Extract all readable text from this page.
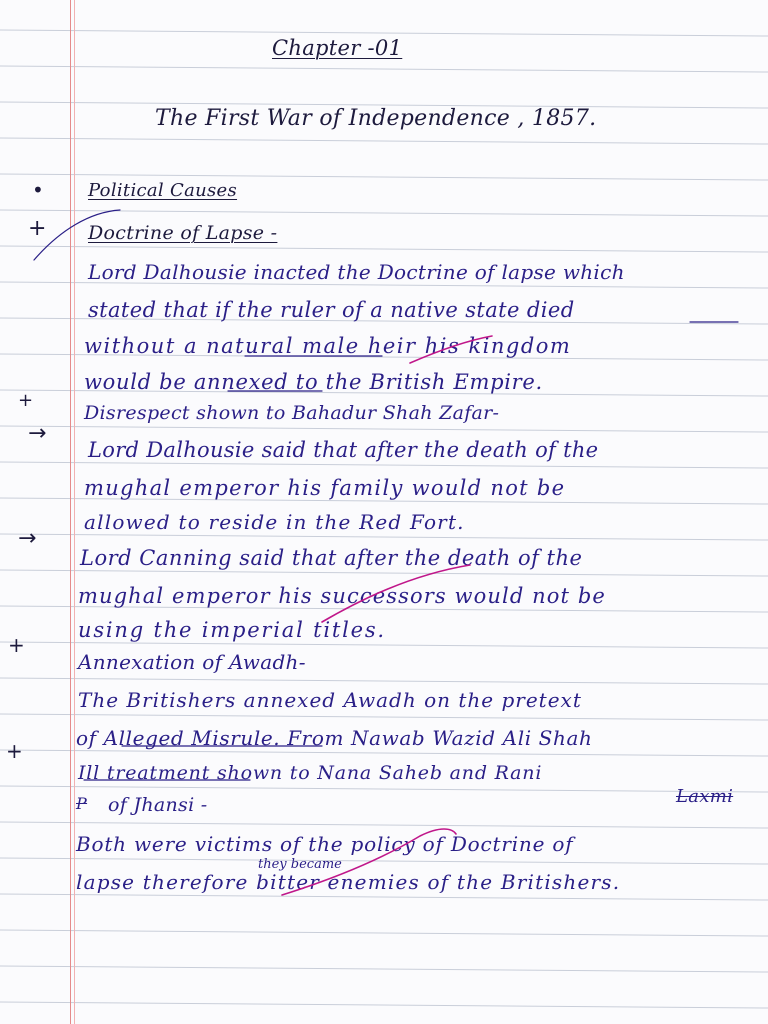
Chapter -01
The First War of Independence , 1857.
•
+
+
→
→
+
+
Political Causes
Doctrine of Lapse -
Lord Dalhousie inacted the Doctrine of lapse which
stated that if the ruler of a native state died
without a natural male heir his kingdom
would be annexed to the British Empire.
Disrespect shown to Bahadur Shah Zafar-
Lord Dalhousie said that after the death of the
mughal emperor his family would not be
allowed to reside in the Red Fort.
Lord Canning said that after the death of the
mughal emperor his successors would not be
using the imperial titles.
Annexation of Awadh-
The Britishers annexed Awadh on the pretext
of Alleged Misrule. From Nawab Wazid Ali Shah
Ill treatment shown to Nana Saheb and Rani
Laxmi
P of Jhansi -
Both were victims of the policy of Doctrine of
they became
lapse therefore bitter enemies of the Britishers.
